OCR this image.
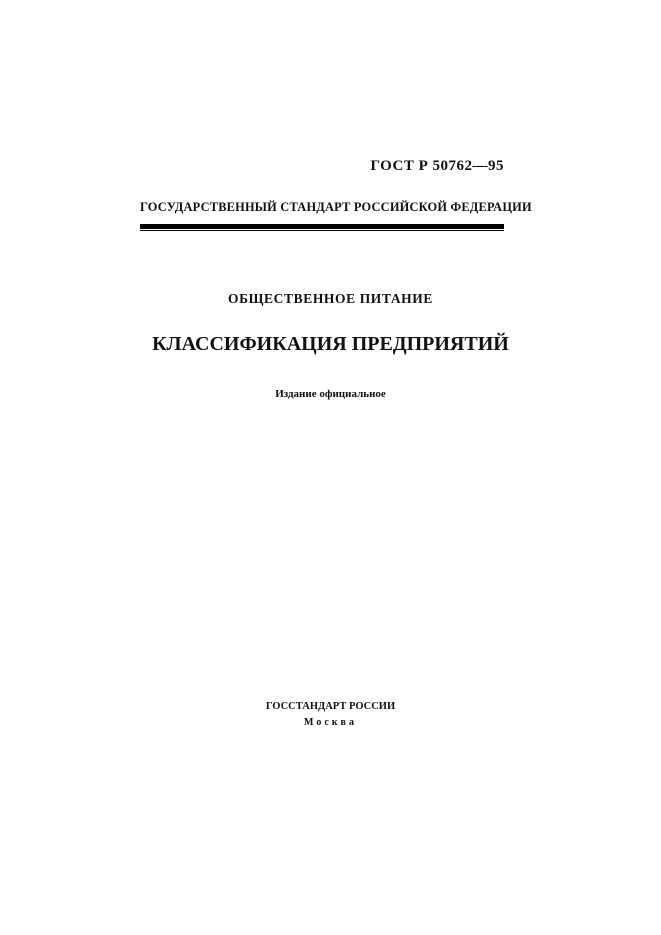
ГОСТ Р 50762—95
ГОСУДАРСТВЕННЫЙ СТАНДАРТ РОССИЙСКОЙ ФЕДЕРАЦИИ
ОБЩЕСТВЕННОЕ ПИТАНИЕ
КЛАССИФИКАЦИЯ ПРЕДПРИЯТИЙ
Издание официальное
ГОССТАНДАРТ РОССИИ
Москва
